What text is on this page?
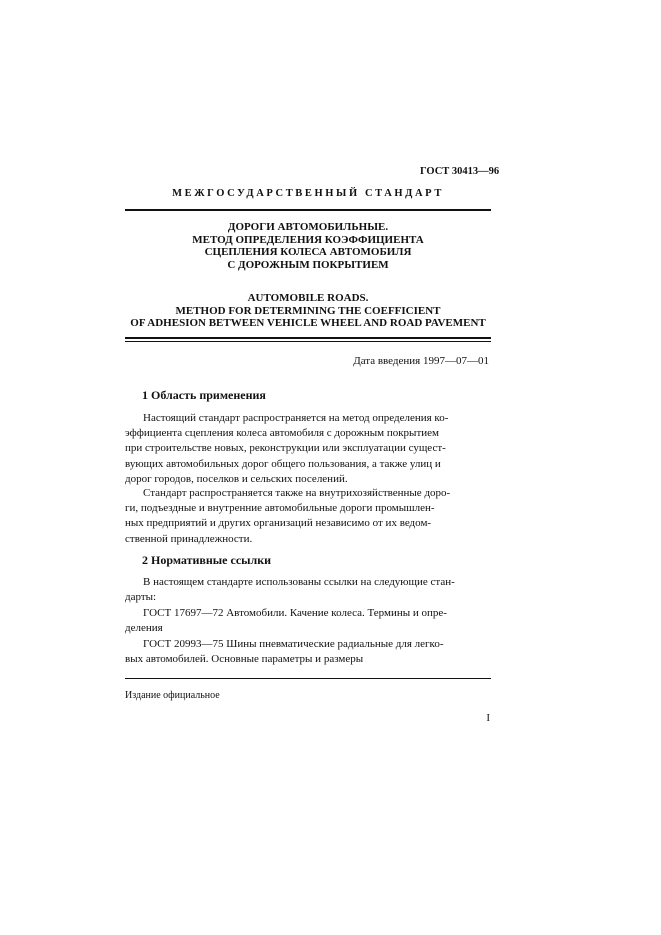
ГОСТ 30413—96
МЕЖГОСУДАРСТВЕННЫЙ СТАНДАРТ
ДОРОГИ АВТОМОБИЛЬНЫЕ.
МЕТОД ОПРЕДЕЛЕНИЯ КОЭФФИЦИЕНТА
СЦЕПЛЕНИЯ КОЛЕСА АВТОМОБИЛЯ
С ДОРОЖНЫМ ПОКРЫТИЕМ
AUTOMOBILE ROADS.
METHOD FOR DETERMINING THE COEFFICIENT
OF ADHESION BETWEEN VEHICLE WHEEL AND ROAD PAVEMENT
Дата введения 1997—07—01
1 Область применения
Настоящий стандарт распространяется на метод определения ко-
эффициента сцепления колеса автомобиля с дорожным покрытием
при строительстве новых, реконструкции или эксплуатации сущест-
вующих автомобильных дорог общего пользования, а также улиц и
дорог городов, поселков и сельских поселений.
Стандарт распространяется также на внутрихозяйственные доро-
ги, подъездные и внутренние автомобильные дороги промышлен-
ных предприятий и других организаций независимо от их ведом-
ственной принадлежности.
2 Нормативные ссылки
В настоящем стандарте использованы ссылки на следующие стан-
дарты:
ГОСТ 17697—72 Автомобили. Качение колеса. Термины и опре-
деления
ГОСТ 20993—75 Шины пневматические радиальные для легко-
вых автомобилей. Основные параметры и размеры
Издание официальное
I
